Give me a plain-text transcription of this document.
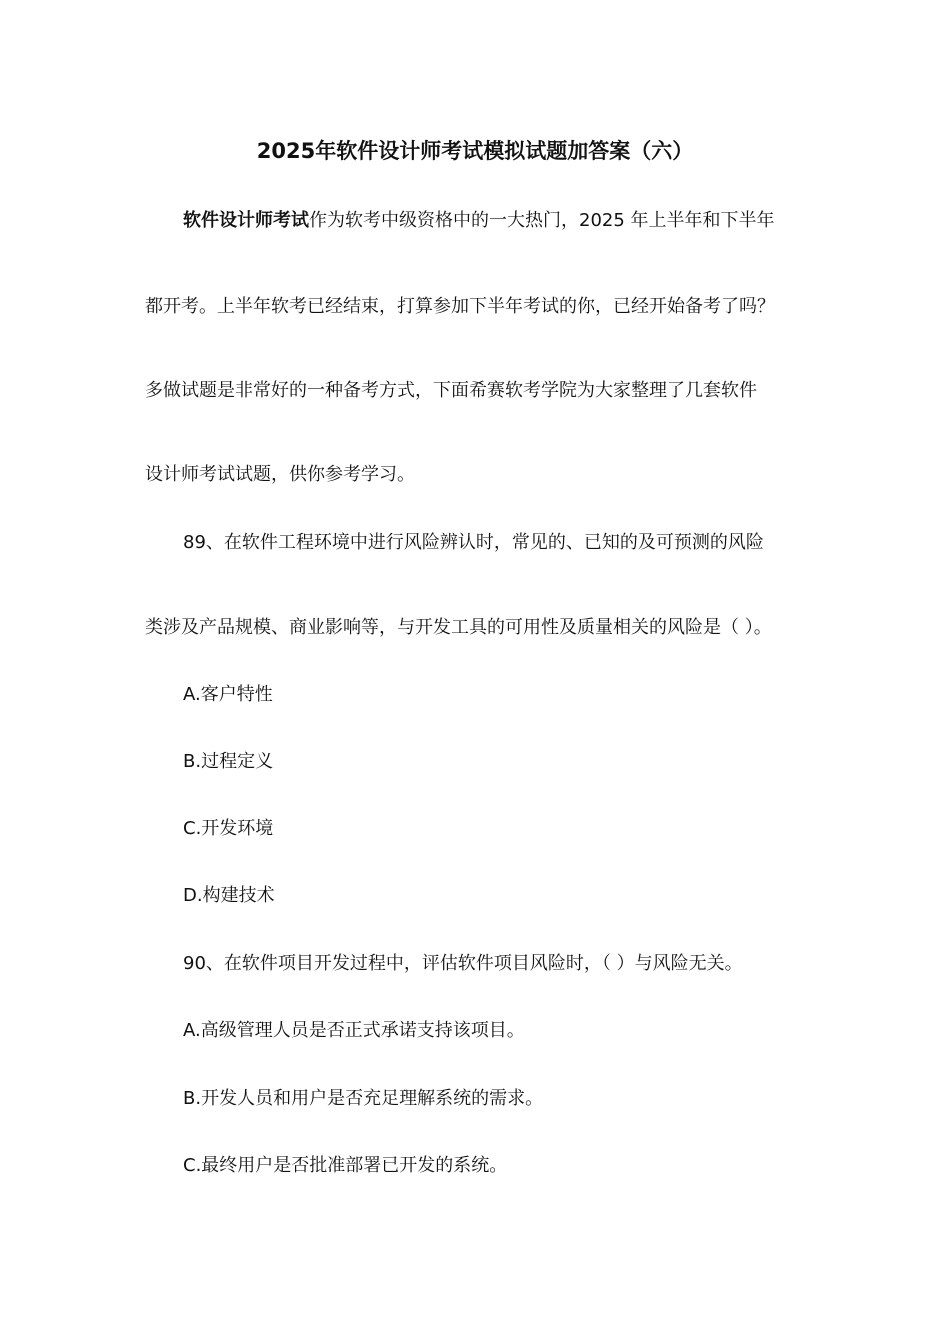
2025年软件设计师考试模拟试题加答案（六）

软件设计师考试作为软考中级资格中的一大热门，2025 年上半年和下半年

都开考。上半年软考已经结束，打算参加下半年考试的你，已经开始备考了吗？

多做试题是非常好的一种备考方式，下面希赛软考学院为大家整理了几套软件

设计师考试试题，供你参考学习。

89、在软件工程环境中进行风险辨认时，常见的、已知的及可预测的风险

类涉及产品规模、商业影响等，与开发工具的可用性及质量相关的风险是（ ）。

A.客户特性

B.过程定义

C.开发环境

D.构建技术

90、在软件项目开发过程中，评估软件项目风险时，（ ）与风险无关。

A.高级管理人员是否正式承诺支持该项目。

B.开发人员和用户是否充足理解系统的需求。

C.最终用户是否批准部署已开发的系统。
